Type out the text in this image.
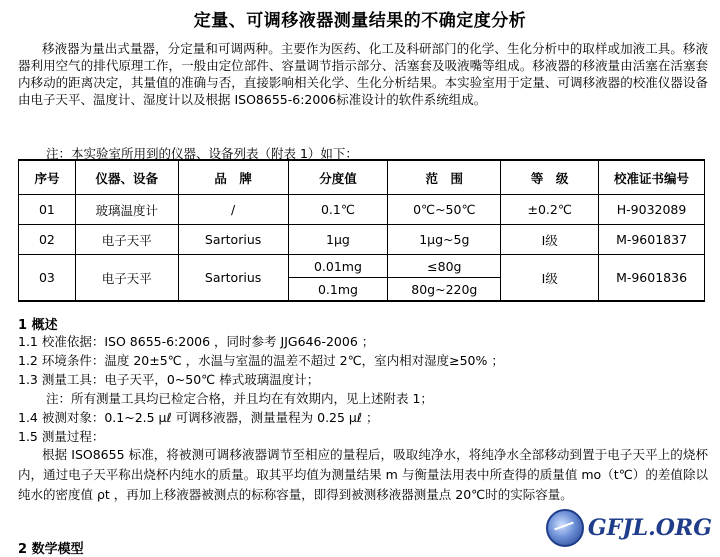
定量、可调移液器测量结果的不确定度分析
移液器为量出式量器，分定量和可调两种。主要作为医药、化工及科研部门的化学、生化分析中的取样或加液工具。移液器利用空气的排代原理工作，一般由定位部件、容量调节指示部分、活塞套及吸液嘴等组成。移液器的移液量由活塞在活塞套内移动的距离决定，其量值的准确与否，直接影响相关化学、生化分析结果。本实验室用于定量、可调移液器的校准仪器设备由电子天平、温度计、湿度计以及根据 ISO8655-6:2006标准设计的软件系统组成。
注：本实验室所用到的仪器、设备列表（附表 1）如下：
序号	仪器、设备	品　牌	分度值	范　围	等　级	校准证书编号
01	玻璃温度计	/	0.1℃	0℃~50℃	±0.2℃	H-9032089
02	电子天平	Sartorius	1μg	1μg~5g	Ⅰ级	M-9601837
03	电子天平	Sartorius	0.01mg	≤80g	Ⅰ级	M-9601836
			0.1mg	80g~220g		
1 概述
1.1 校准依据：ISO 8655-6:2006 ，同时参考 JJG646-2006 ；
1.2 环境条件：温度 20±5℃ ，水温与室温的温差不超过 2℃，室内相对湿度≥50% ；
1.3 测量工具：电子天平，0~50℃ 棒式玻璃温度计；
注：所有测量工具均已检定合格，并且均在有效期内，见上述附表 1；
1.4 被测对象：0.1~2.5 μℓ 可调移液器，测量量程为 0.25 μℓ ；
1.5 测量过程：
根据 ISO8655 标准，将被测可调移液器调节至相应的量程后，吸取纯净水，将纯净水全部移动到置于电子天平上的烧杯内，通过电子天平称出烧杯内纯水的质量。取其平均值为测量结果 m 与衡量法用表中所查得的质量值 mo（t℃）的差值除以纯水的密度值 ρt ，再加上移液器被测点的标称容量，即得到被测移液器测量点 20℃时的实际容量。
2 数学模型
GFJL.ORG
